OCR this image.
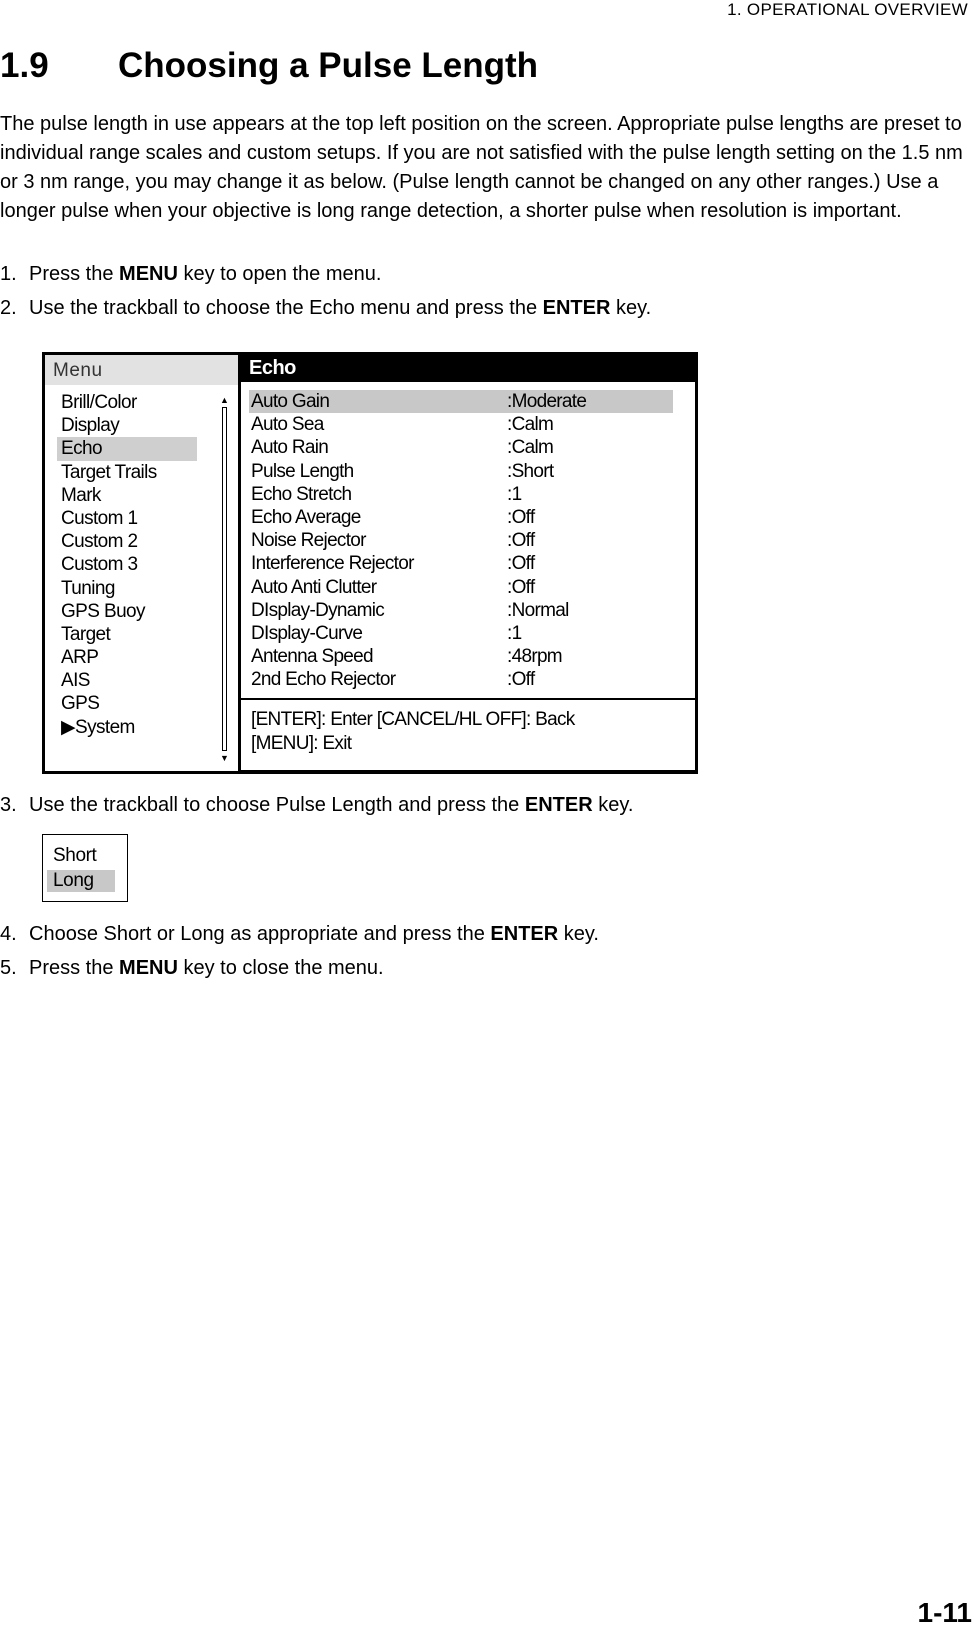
1. OPERATIONAL OVERVIEW
1.9 Choosing a Pulse Length

The pulse length in use appears at the top left position on the screen. Appropriate pulse lengths are preset to individual range scales and custom setups. If you are not satisfied with the pulse length setting on the 1.5 nm or 3 nm range, you may change it as below. (Pulse length cannot be changed on any other ranges.) Use a longer pulse when your objective is long range detection, a shorter pulse when resolution is important.

1. Press the MENU key to open the menu.
2. Use the trackball to choose the Echo menu and press the ENTER key.
Menu
Brill/Color
Display
Echo
Target Trails
Mark
Custom 1
Custom 2
Custom 3
Tuning
GPS Buoy
Target
ARP
AIS
GPS
▶System
▲
▼
Echo
Auto Gain	:Moderate
Auto Sea	:Calm
Auto Rain	:Calm
Pulse Length	:Short
Echo Stretch	:1
Echo Average	:Off
Noise Rejector	:Off
Interference Rejector	:Off
Auto Anti Clutter	:Off
DIsplay-Dynamic	:Normal
DIsplay-Curve	:1
Antenna Speed	:48rpm
2nd Echo Rejector	:Off
[ENTER]: Enter [CANCEL/HL OFF]: Back
[MENU]: Exit
3. Use the trackball to choose Pulse Length and press the ENTER key.
Short
Long
4. Choose Short or Long as appropriate and press the ENTER key.
5. Press the MENU key to close the menu.
1-11
